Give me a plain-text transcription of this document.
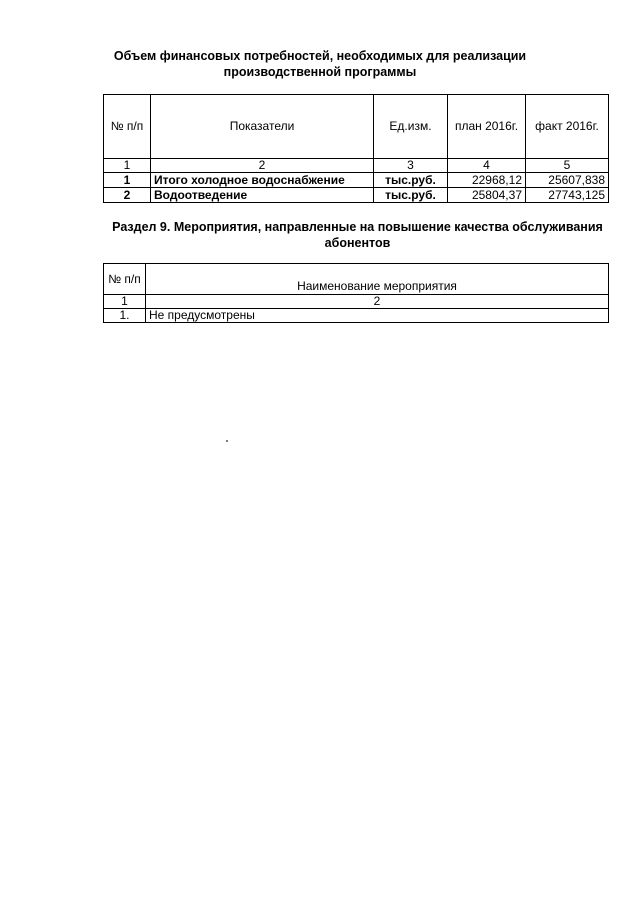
Объем финансовых потребностей, необходимых для реализации производственной программы
№ п/п	Показатели	Ед.изм.	план 2016г.	факт 2016г.
1	2	3	4	5
1	Итого холодное водоснабжение	тыс.руб.	22968,12	25607,838
2	Водоотведение	тыс.руб.	25804,37	27743,125
Раздел 9. Мероприятия, направленные на повышение качества обслуживания абонентов
№ п/п	Наименование мероприятия
1	2
1.	Не предусмотрены
